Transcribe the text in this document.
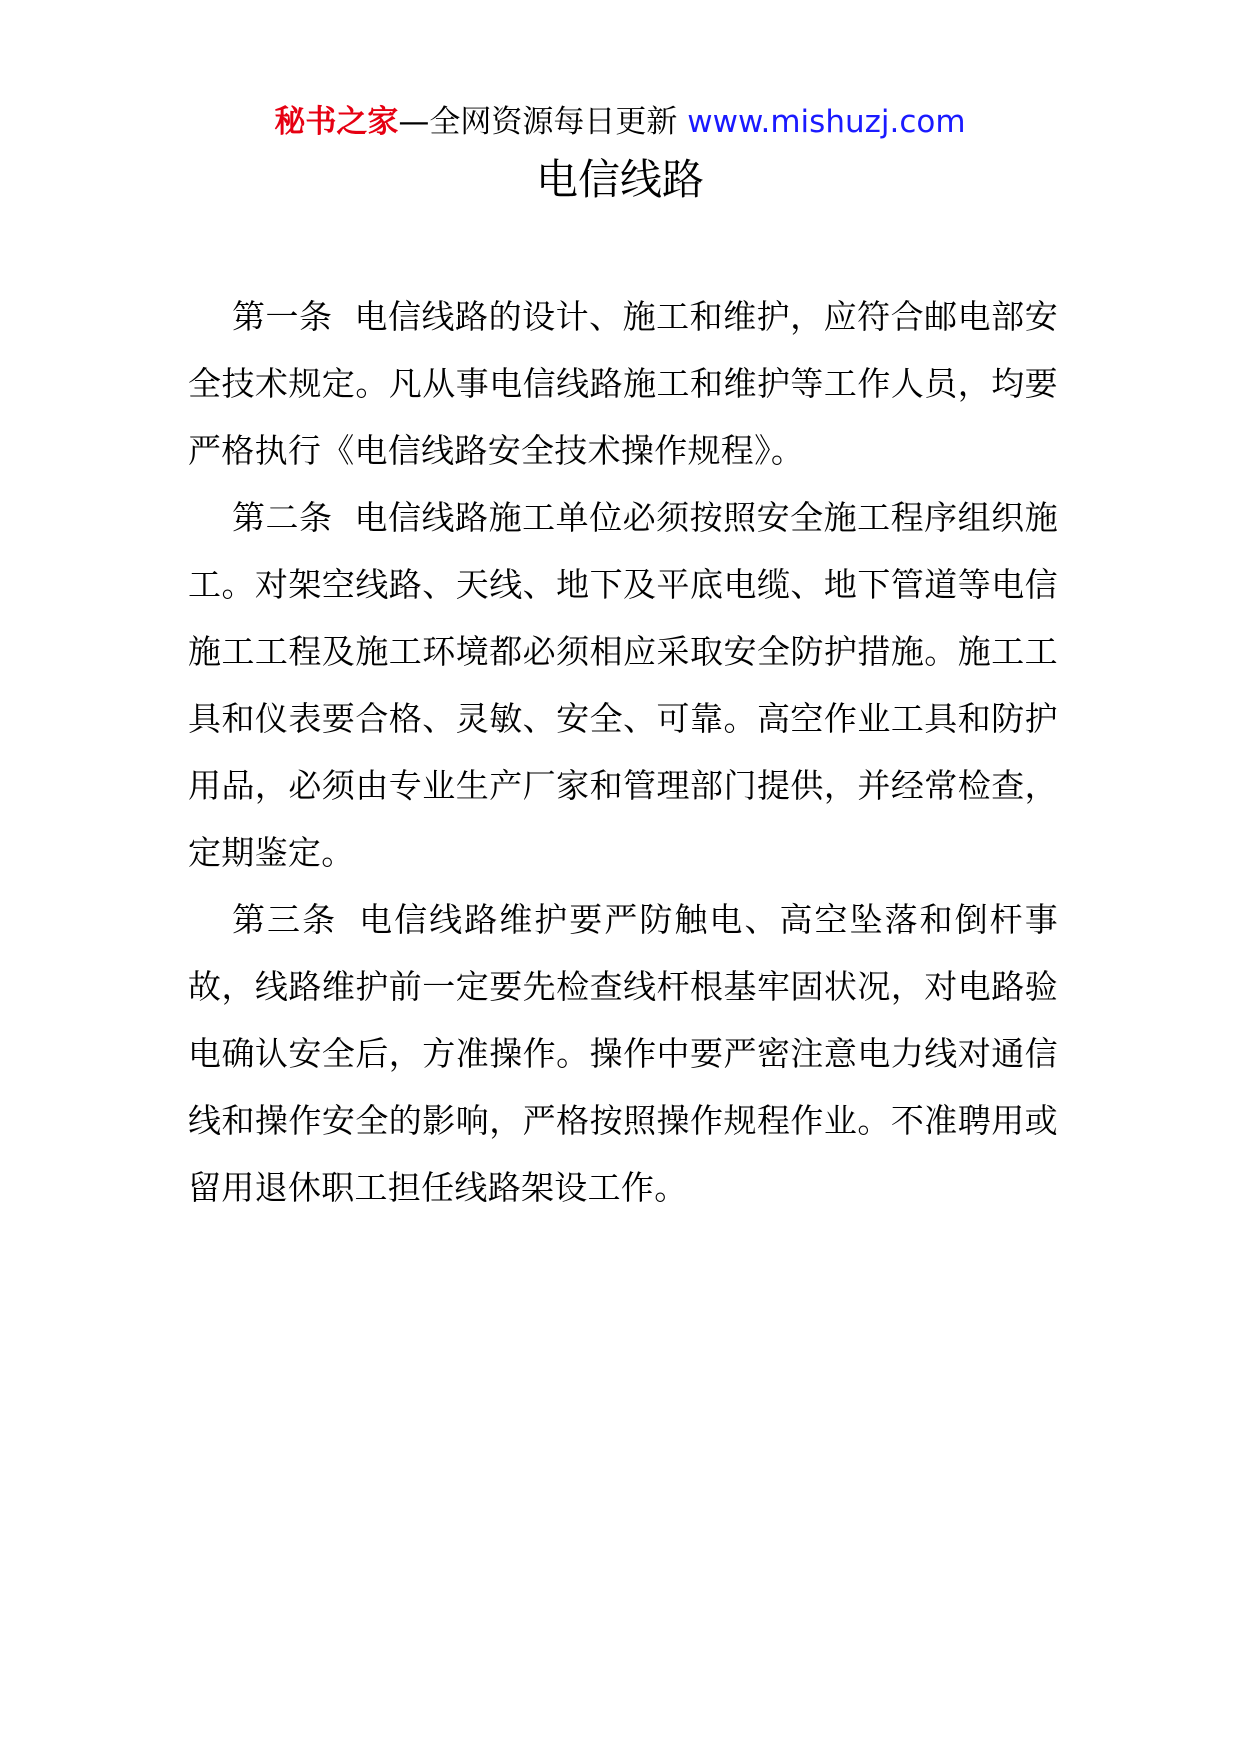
秘书之家—全网资源每日更新 www.mishuzj.com
电信线路

第一条 电信线路的设计、施工和维护，应符合邮电部安全技术规定。凡从事电信线路施工和维护等工作人员，均要严格执行《电信线路安全技术操作规程》。

第二条 电信线路施工单位必须按照安全施工程序组织施工。对架空线路、天线、地下及平底电缆、地下管道等电信施工工程及施工环境都必须相应采取安全防护措施。施工工具和仪表要合格、灵敏、安全、可靠。高空作业工具和防护用品，必须由专业生产厂家和管理部门提供，并经常检查，定期鉴定。

第三条 电信线路维护要严防触电、高空坠落和倒杆事故，线路维护前一定要先检查线杆根基牢固状况，对电路验电确认安全后，方准操作。操作中要严密注意电力线对通信线和操作安全的影响，严格按照操作规程作业。不准聘用或留用退休职工担任线路架设工作。
